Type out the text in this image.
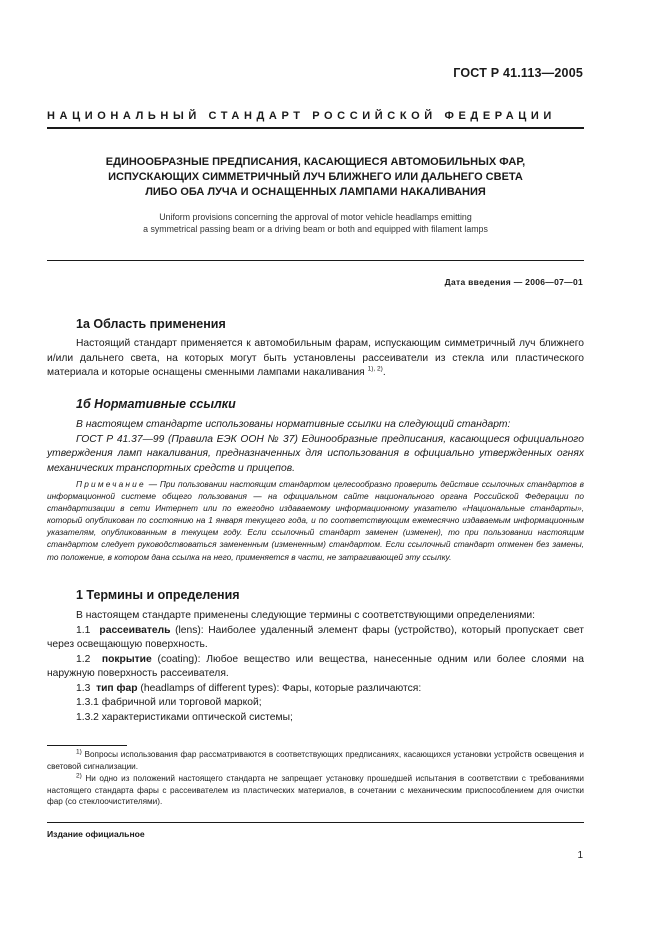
ГОСТ Р 41.113—2005
НАЦИОНАЛЬНЫЙ СТАНДАРТ РОССИЙСКОЙ ФЕДЕРАЦИИ
ЕДИНООБРАЗНЫЕ ПРЕДПИСАНИЯ, КАСАЮЩИЕСЯ АВТОМОБИЛЬНЫХ ФАР,
ИСПУСКАЮЩИХ СИММЕТРИЧНЫЙ ЛУЧ БЛИЖНЕГО ИЛИ ДАЛЬНЕГО СВЕТА
ЛИБО ОБА ЛУЧА И ОСНАЩЕННЫХ ЛАМПАМИ НАКАЛИВАНИЯ
Uniform provisions concerning the approval of motor vehicle headlamps emitting
a symmetrical passing beam or a driving beam or both and equipped with filament lamps
Дата введения — 2006—07—01
1а Область применения
Настоящий стандарт применяется к автомобильным фарам, испускающим симметричный луч ближнего и/или дальнего света, на которых могут быть установлены рассеиватели из стекла или пластического материала и которые оснащены сменными лампами накаливания $^{1), 2)}$.
1б Нормативные ссылки
В настоящем стандарте использованы нормативные ссылки на следующий стандарт:
ГОСТ Р 41.37—99 (Правила ЕЭК ООН № 37) Единообразные предписания, касающиеся официального утверждения ламп накаливания, предназначенных для использования в официально утвержденных огнях механических транспортных средств и прицепов.
Примечание — При пользовании настоящим стандартом целесообразно проверить действие ссылочных стандартов в информационной системе общего пользования — на официальном сайте национального органа Российской Федерации по стандартизации в сети Интернет или по ежегодно издаваемому информационному указателю «Национальные стандарты», который опубликован по состоянию на 1 января текущего года, и по соответствующим ежемесячно издаваемым информационным указателям, опубликованным в текущем году. Если ссылочный стандарт заменен (изменен), то при пользовании настоящим стандартом следует руководствоваться замененным (измененным) стандартом. Если ссылочный стандарт отменен без замены, то положение, в котором дана ссылка на него, применяется в части, не затрагивающей эту ссылку.
1 Термины и определения
В настоящем стандарте применены следующие термины с соответствующими определениями:
1.1 рассеиватель (lens): Наиболее удаленный элемент фары (устройство), который пропускает свет через освещающую поверхность.
1.2 покрытие (coating): Любое вещество или вещества, нанесенные одним или более слоями на наружную поверхность рассеивателя.
1.3 тип фар (headlamps of different types): Фары, которые различаются:
1.3.1 фабричной или торговой маркой;
1.3.2 характеристиками оптической системы;
$^{1)}$ Вопросы использования фар рассматриваются в соответствующих предписаниях, касающихся установки устройств освещения и световой сигнализации.
$^{2)}$ Ни одно из положений настоящего стандарта не запрещает установку прошедшей испытания в соответствии с требованиями настоящего стандарта фары с рассеивателем из пластических материалов, в сочетании с механическим приспособлением для очистки фар (со стеклоочистителями).
Издание официальное
1
